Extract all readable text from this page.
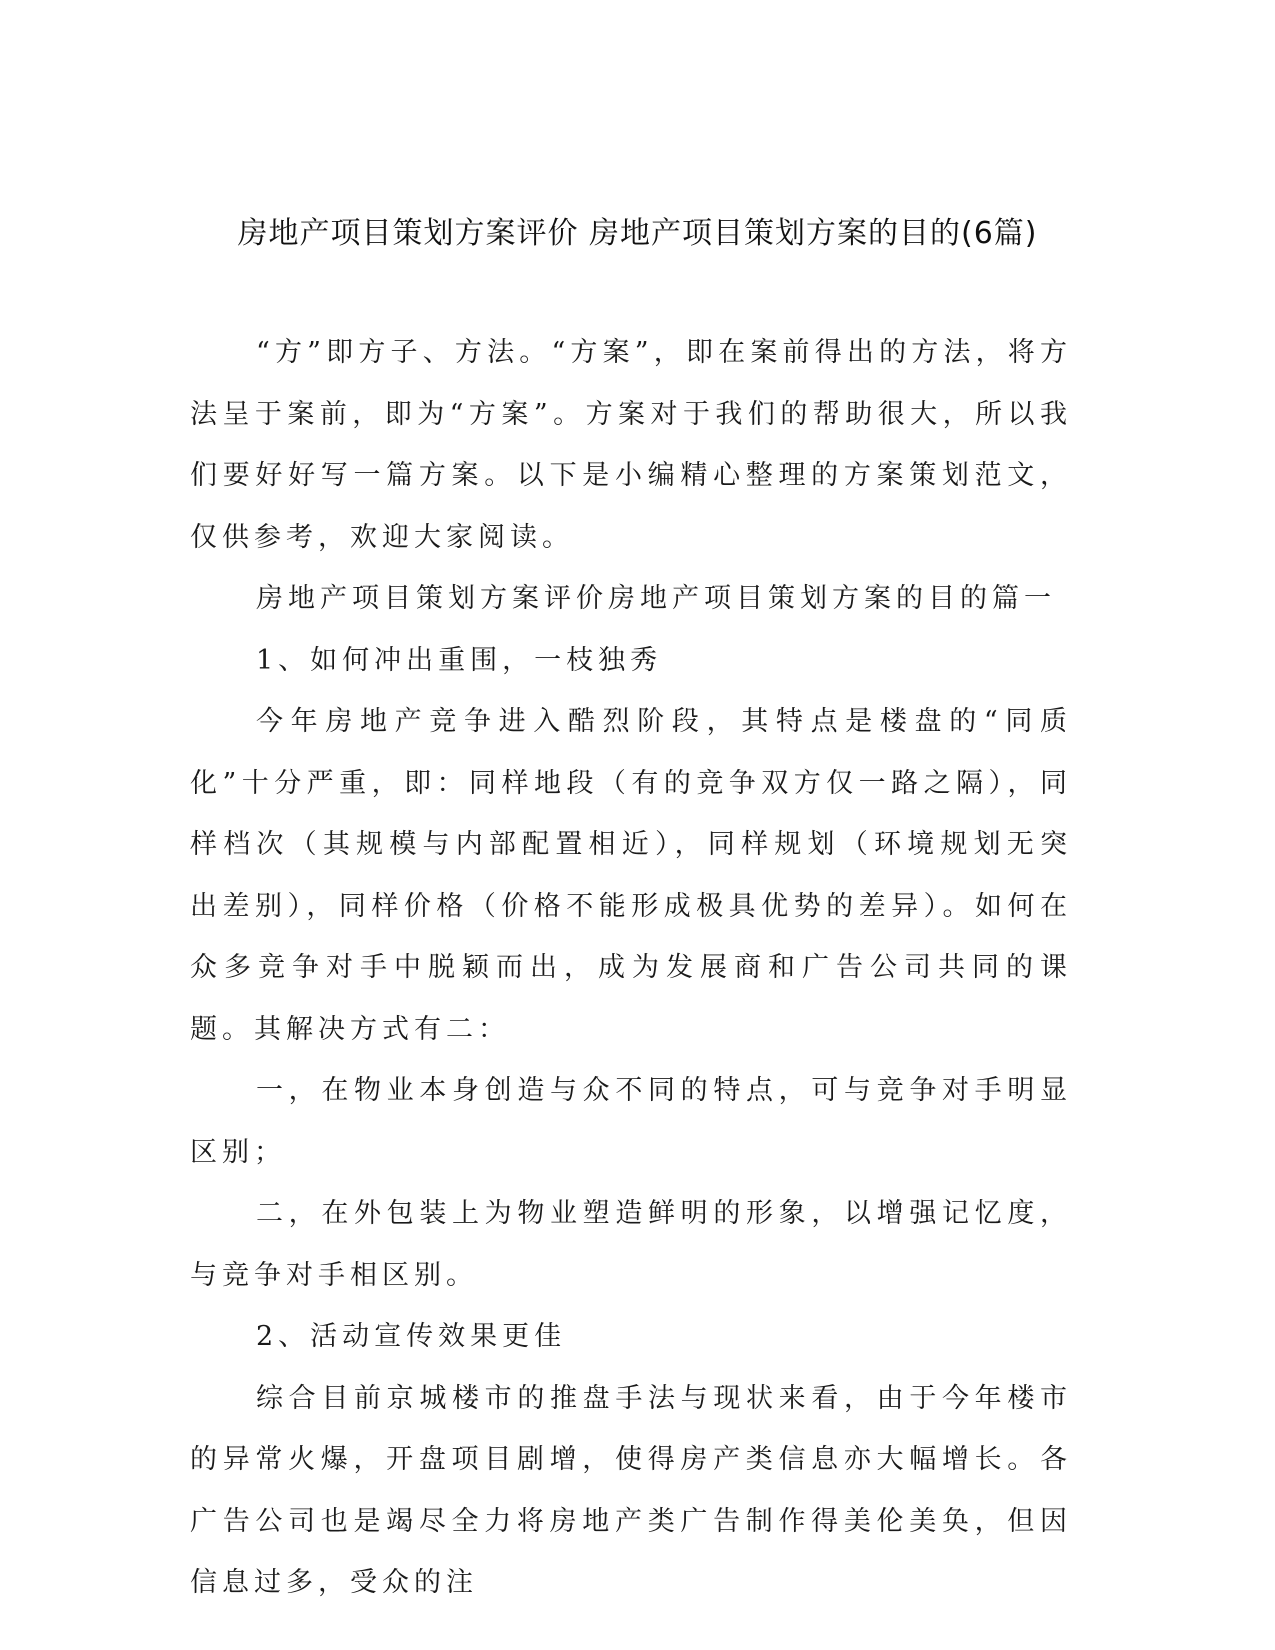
房地产项目策划方案评价 房地产项目策划方案的目的(6篇)

“方”即方子、方法。“方案”，即在案前得出的方法，将方法呈于案前，即为“方案”。方案对于我们的帮助很大，所以我们要好好写一篇方案。以下是小编精心整理的方案策划范文，仅供参考，欢迎大家阅读。

房地产项目策划方案评价房地产项目策划方案的目的篇一

1、如何冲出重围，一枝独秀

今年房地产竞争进入酷烈阶段，其特点是楼盘的“同质化”十分严重，即：同样地段（有的竞争双方仅一路之隔），同样档次（其规模与内部配置相近），同样规划（环境规划无突出差别），同样价格（价格不能形成极具优势的差异）。如何在众多竞争对手中脱颖而出，成为发展商和广告公司共同的课题。其解决方式有二：

一，在物业本身创造与众不同的特点，可与竞争对手明显区别；

二，在外包装上为物业塑造鲜明的形象，以增强记忆度，与竞争对手相区别。

2、活动宣传效果更佳

综合目前京城楼市的推盘手法与现状来看，由于今年楼市的异常火爆，开盘项目剧增，使得房产类信息亦大幅增长。各广告公司也是竭尽全力将房地产类广告制作得美伦美奂，但因信息过多，受众的注
